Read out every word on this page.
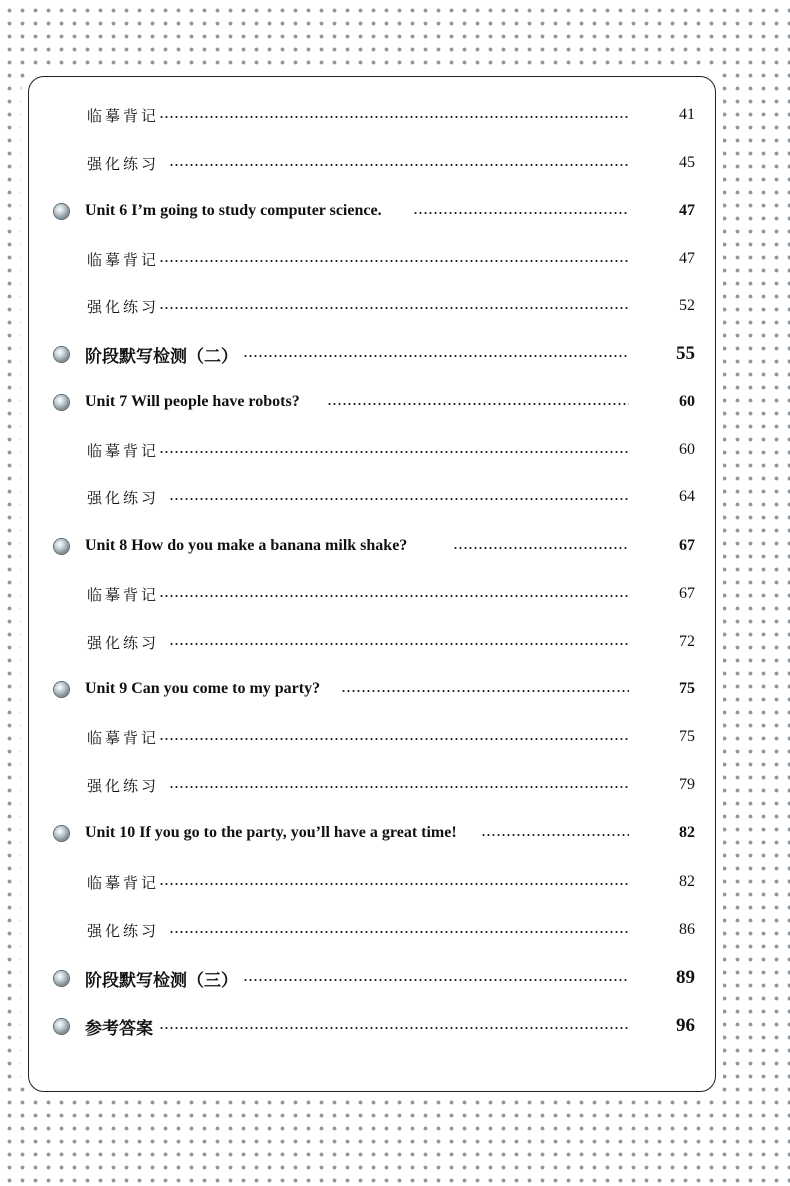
临摹背记	41
强化练习	45
Unit 6 I’m going to study computer science.	47
临摹背记	47
强化练习	52
阶段默写检测（二）	55
Unit 7 Will people have robots?	60
临摹背记	60
强化练习	64
Unit 8 How do you make a banana milk shake?	67
临摹背记	67
强化练习	72
Unit 9 Can you come to my party?	75
临摹背记	75
强化练习	79
Unit 10 If you go to the party, you’ll have a great time!	82
临摹背记	82
强化练习	86
阶段默写检测（三）	89
参考答案	96
